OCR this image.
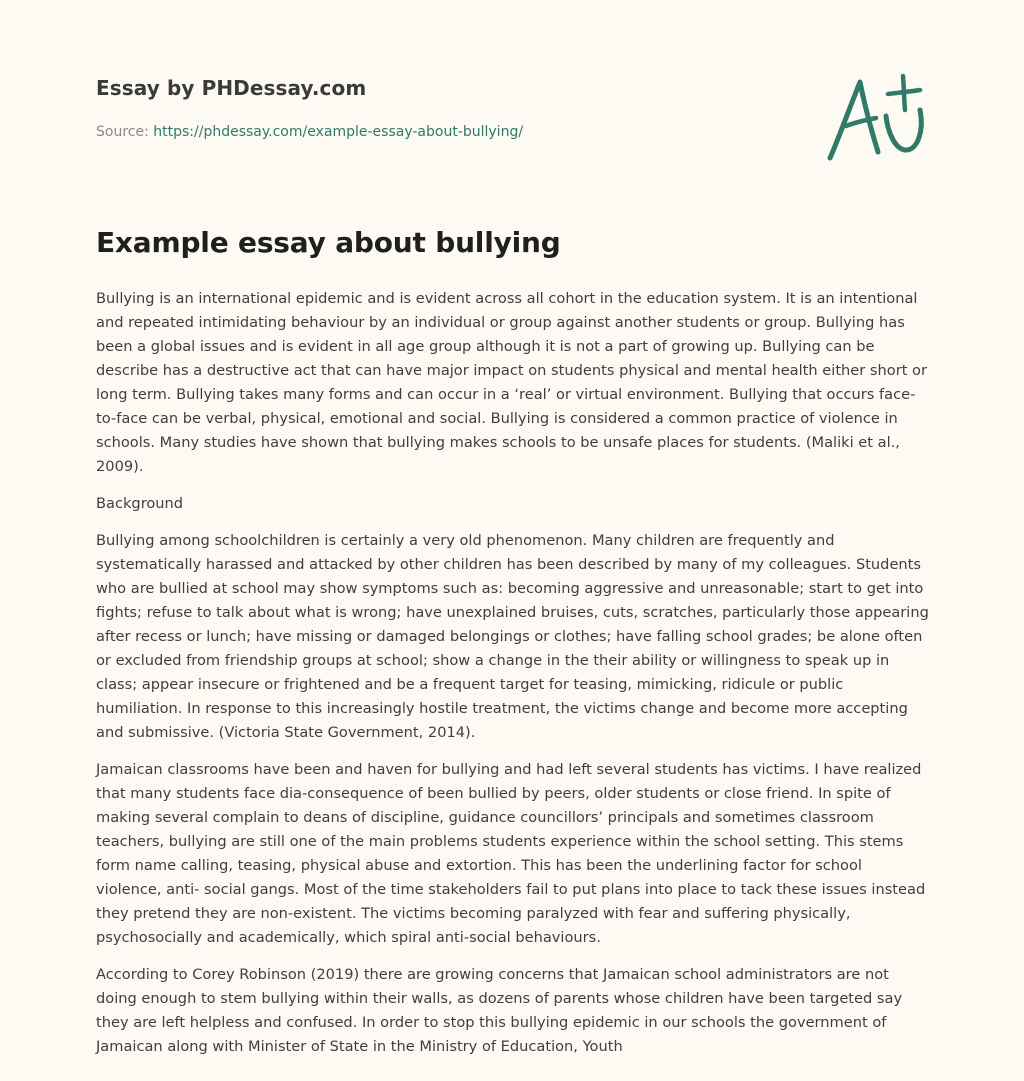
Essay by PHDessay.com
Source: https://phdessay.com/example-essay-about-bullying/
Example essay about bullying

Bullying is an international epidemic and is evident across all cohort in the education system. It is an intentional and repeated intimidating behaviour by an individual or group against another students or group. Bullying has been a global issues and is evident in all age group although it is not a part of growing up. Bullying can be describe has a destructive act that can have major impact on students physical and mental health either short or long term. Bullying takes many forms and can occur in a ‘real’ or virtual environment. Bullying that occurs face-to-face can be verbal, physical, emotional and social. Bullying is considered a common practice of violence in schools. Many studies have shown that bullying makes schools to be unsafe places for students. (Maliki et al., 2009).

Background

Bullying among schoolchildren is certainly a very old phenomenon. Many children are frequently and systematically harassed and attacked by other children has been described by many of my colleagues. Students who are bullied at school may show symptoms such as: becoming aggressive and unreasonable; start to get into fights; refuse to talk about what is wrong; have unexplained bruises, cuts, scratches, particularly those appearing after recess or lunch; have missing or damaged belongings or clothes; have falling school grades; be alone often or excluded from friendship groups at school; show a change in the their ability or willingness to speak up in class; appear insecure or frightened and be a frequent target for teasing, mimicking, ridicule or public humiliation. In response to this increasingly hostile treatment, the victims change and become more accepting and submissive. (Victoria State Government, 2014).

Jamaican classrooms have been and haven for bullying and had left several students has victims. I have realized that many students face dia-consequence of been bullied by peers, older students or close friend. In spite of making several complain to deans of discipline, guidance councillors’ principals and sometimes classroom teachers, bullying are still one of the main problems students experience within the school setting. This stems form name calling, teasing, physical abuse and extortion. This has been the underlining factor for school violence, anti- social gangs. Most of the time stakeholders fail to put plans into place to tack these issues instead they pretend they are non-existent. The victims becoming paralyzed with fear and suffering physically, psychosocially and academically, which spiral anti-social behaviours.

According to Corey Robinson (2019) there are growing concerns that Jamaican school administrators are not doing enough to stem bullying within their walls, as dozens of parents whose children have been targeted say they are left helpless and confused. In order to stop this bullying epidemic in our schools the government of Jamaican along with Minister of State in the Ministry of Education, Youth
